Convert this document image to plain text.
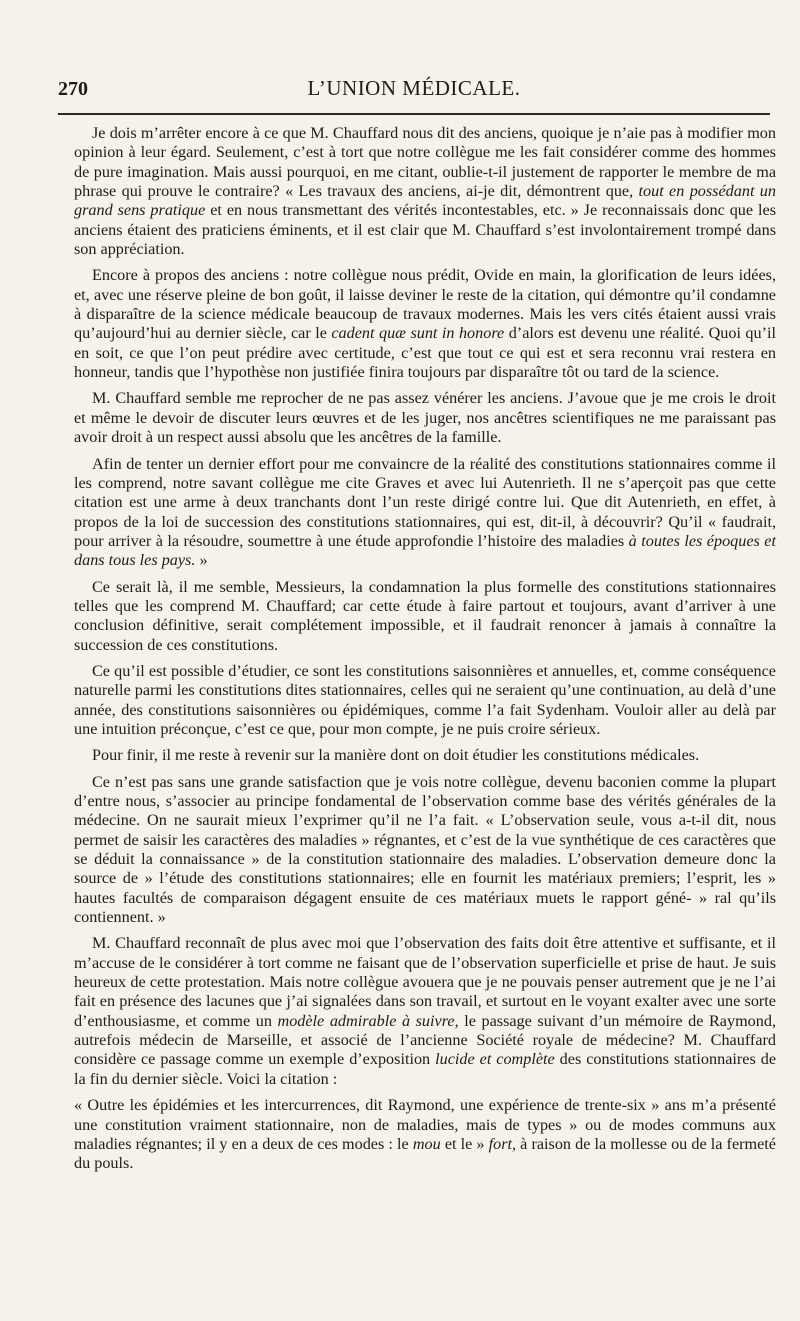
270	L’UNION MÉDICALE.

Je dois m’arrêter encore à ce que M. Chauffard nous dit des anciens, quoique je n’aie pas à modifier mon opinion à leur égard. Seulement, c’est à tort que notre collègue me les fait considérer comme des hommes de pure imagination. Mais aussi pourquoi, en me citant, oublie-t-il justement de rapporter le membre de ma phrase qui prouve le contraire? « Les travaux des anciens, ai-je dit, démontrent que, tout en possédant un grand sens pratique et en nous transmettant des vérités incontestables, etc. » Je reconnaissais donc que les anciens étaient des praticiens éminents, et il est clair que M. Chauffard s’est involontairement trompé dans son appréciation.

Encore à propos des anciens : notre collègue nous prédit, Ovide en main, la glorification de leurs idées, et, avec une réserve pleine de bon goût, il laisse deviner le reste de la citation, qui démontre qu’il condamne à disparaître de la science médicale beaucoup de travaux modernes. Mais les vers cités étaient aussi vrais qu’aujourd’hui au dernier siècle, car le cadent quæ sunt in honore d’alors est devenu une réalité. Quoi qu’il en soit, ce que l’on peut prédire avec certitude, c’est que tout ce qui est et sera reconnu vrai restera en honneur, tandis que l’hypothèse non justifiée finira toujours par disparaître tôt ou tard de la science.

M. Chauffard semble me reprocher de ne pas assez vénérer les anciens. J’avoue que je me crois le droit et même le devoir de discuter leurs œuvres et de les juger, nos ancêtres scientifiques ne me paraissant pas avoir droit à un respect aussi absolu que les ancêtres de la famille.

Afin de tenter un dernier effort pour me convaincre de la réalité des constitutions stationnaires comme il les comprend, notre savant collègue me cite Graves et avec lui Autenrieth. Il ne s’aperçoit pas que cette citation est une arme à deux tranchants dont l’un reste dirigé contre lui. Que dit Autenrieth, en effet, à propos de la loi de succession des constitutions stationnaires, qui est, dit-il, à découvrir? Qu’il « faudrait, pour arriver à la résoudre, soumettre à une étude approfondie l’histoire des maladies à toutes les époques et dans tous les pays. »

Ce serait là, il me semble, Messieurs, la condamnation la plus formelle des constitutions stationnaires telles que les comprend M. Chauffard; car cette étude à faire partout et toujours, avant d’arriver à une conclusion définitive, serait complétement impossible, et il faudrait renoncer à jamais à connaître la succession de ces constitutions.

Ce qu’il est possible d’étudier, ce sont les constitutions saisonnières et annuelles, et, comme conséquence naturelle parmi les constitutions dites stationnaires, celles qui ne seraient qu’une continuation, au delà d’une année, des constitutions saisonnières ou épidémiques, comme l’a fait Sydenham. Vouloir aller au delà par une intuition préconçue, c’est ce que, pour mon compte, je ne puis croire sérieux.

Pour finir, il me reste à revenir sur la manière dont on doit étudier les constitutions médicales.

Ce n’est pas sans une grande satisfaction que je vois notre collègue, devenu baconien comme la plupart d’entre nous, s’associer au principe fondamental de l’observation comme base des vérités générales de la médecine. On ne saurait mieux l’exprimer qu’il ne l’a fait. « L’observation seule, vous a-t-il dit, nous permet de saisir les caractères des maladies » régnantes, et c’est de la vue synthétique de ces caractères que se déduit la connaissance » de la constitution stationnaire des maladies. L’observation demeure donc la source de » l’étude des constitutions stationnaires; elle en fournit les matériaux premiers; l’esprit, les » hautes facultés de comparaison dégagent ensuite de ces matériaux muets le rapport géné- » ral qu’ils contiennent. »

M. Chauffard reconnaît de plus avec moi que l’observation des faits doit être attentive et suffisante, et il m’accuse de le considérer à tort comme ne faisant que de l’observation superficielle et prise de haut. Je suis heureux de cette protestation. Mais notre collègue avouera que je ne pouvais penser autrement que je ne l’ai fait en présence des lacunes que j’ai signalées dans son travail, et surtout en le voyant exalter avec une sorte d’enthousiasme, et comme un modèle admirable à suivre, le passage suivant d’un mémoire de Raymond, autrefois médecin de Marseille, et associé de l’ancienne Société royale de médecine? M. Chauffard considère ce passage comme un exemple d’exposition lucide et complète des constitutions stationnaires de la fin du dernier siècle. Voici la citation :

« Outre les épidémies et les intercurrences, dit Raymond, une expérience de trente-six » ans m’a présenté une constitution vraiment stationnaire, non de maladies, mais de types » ou de modes communs aux maladies régnantes; il y en a deux de ces modes : le mou et le » fort, à raison de la mollesse ou de la fermeté du pouls.
